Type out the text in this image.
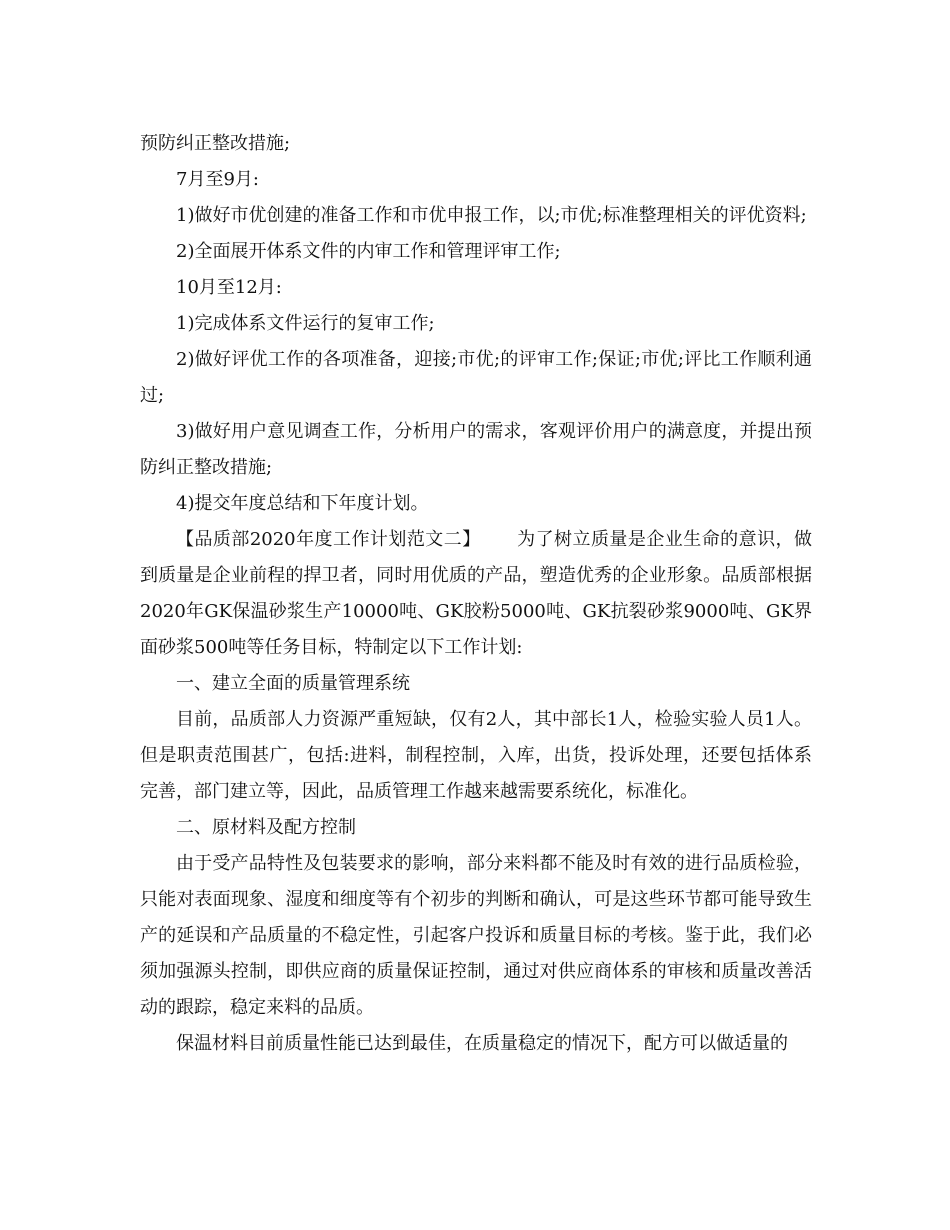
预防纠正整改措施;

7月至9月:

1)做好市优创建的准备工作和市优申报工作，以;市优;标准整理相关的评优资料;

2)全面展开体系文件的内审工作和管理评审工作;

10月至12月:

1)完成体系文件运行的复审工作;

2)做好评优工作的各项准备，迎接;市优;的评审工作;保证;市优;评比工作顺利通过;

3)做好用户意见调查工作，分析用户的需求，客观评价用户的满意度，并提出预防纠正整改措施;

4)提交年度总结和下年度计划。

【品质部2020年度工作计划范文二】 为了树立质量是企业生命的意识，做到质量是企业前程的捍卫者，同时用优质的产品，塑造优秀的企业形象。品质部根据2020年GK保温砂浆生产10000吨、GK胶粉5000吨、GK抗裂砂浆9000吨、GK界面砂浆500吨等任务目标，特制定以下工作计划:

一、建立全面的质量管理系统

目前，品质部人力资源严重短缺，仅有2人，其中部长1人，检验实验人员1人。但是职责范围甚广，包括:进料，制程控制，入库，出货，投诉处理，还要包括体系完善，部门建立等，因此，品质管理工作越来越需要系统化，标准化。

二、原材料及配方控制

由于受产品特性及包装要求的影响，部分来料都不能及时有效的进行品质检验，只能对表面现象、湿度和细度等有个初步的判断和确认，可是这些环节都可能导致生产的延误和产品质量的不稳定性，引起客户投诉和质量目标的考核。鉴于此，我们必须加强源头控制，即供应商的质量保证控制，通过对供应商体系的审核和质量改善活动的跟踪，稳定来料的品质。

保温材料目前质量性能已达到最佳，在质量稳定的情况下，配方可以做适量的
